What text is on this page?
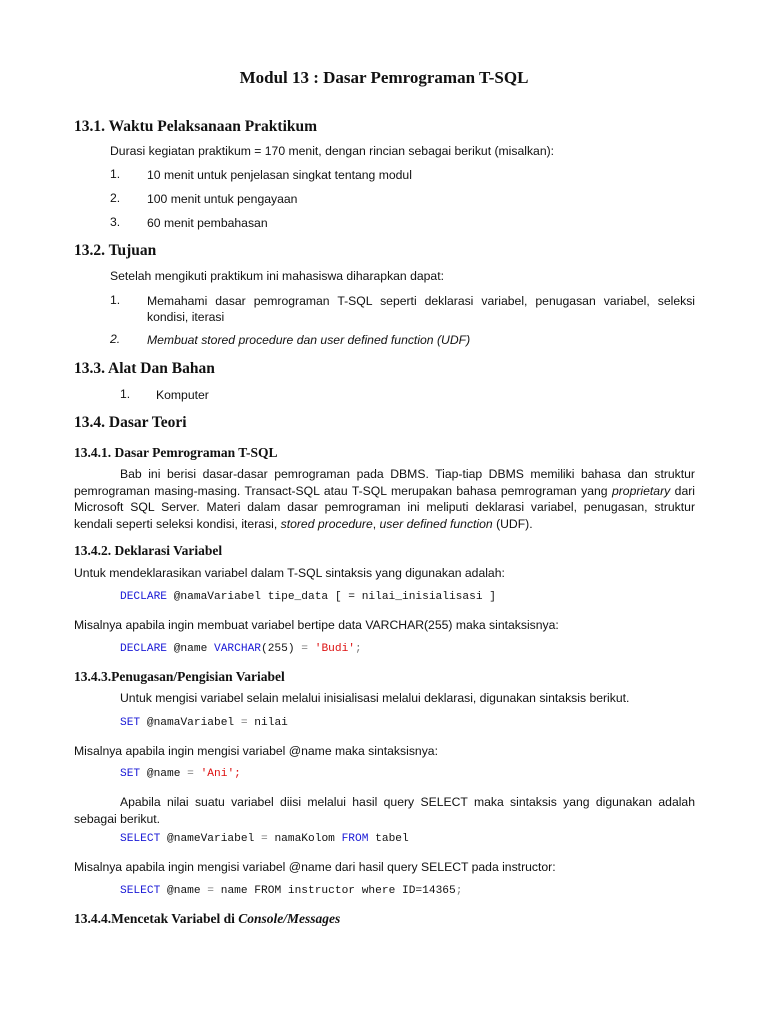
Modul 13 : Dasar Pemrograman T-SQL
13.1. Waktu Pelaksanaan Praktikum
Durasi kegiatan praktikum = 170 menit, dengan rincian sebagai berikut (misalkan):
1. 10 menit untuk penjelasan singkat tentang modul
2. 100 menit untuk pengayaan
3. 60 menit pembahasan
13.2. Tujuan
Setelah mengikuti praktikum ini mahasiswa diharapkan dapat:
1. Memahami dasar pemrograman T-SQL seperti deklarasi variabel, penugasan variabel, seleksi kondisi, iterasi
2. Membuat stored procedure dan user defined function (UDF)
13.3. Alat Dan Bahan
1. Komputer
13.4. Dasar Teori
13.4.1. Dasar Pemrograman T-SQL
Bab ini berisi dasar-dasar pemrograman pada DBMS. Tiap-tiap DBMS memiliki bahasa dan struktur pemrograman masing-masing. Transact-SQL atau T-SQL merupakan bahasa pemrograman yang proprietary dari Microsoft SQL Server. Materi dalam dasar pemrograman ini meliputi deklarasi variabel, penugasan, struktur kendali seperti seleksi kondisi, iterasi, stored procedure, user defined function (UDF).
13.4.2. Deklarasi Variabel
Untuk mendeklarasikan variabel dalam T-SQL sintaksis yang digunakan adalah:
DECLARE @namaVariabel tipe_data [ = nilai_inisialisasi ]
Misalnya apabila ingin membuat variabel bertipe data VARCHAR(255) maka sintaksisnya:
DECLARE @name VARCHAR(255) = 'Budi';
13.4.3.Penugasan/Pengisian Variabel
Untuk mengisi variabel selain melalui inisialisasi melalui deklarasi, digunakan sintaksis berikut.
SET @namaVariabel = nilai
Misalnya apabila ingin mengisi variabel @name maka sintaksisnya:
SET @name = 'Ani';
Apabila nilai suatu variabel diisi melalui hasil query SELECT maka sintaksis yang digunakan adalah sebagai berikut.
SELECT @nameVariabel = namaKolom FROM tabel
Misalnya apabila ingin mengisi variabel @name dari hasil query SELECT pada instructor:
SELECT @name = name FROM instructor where ID=14365;
13.4.4.Mencetak Variabel di Console/Messages
